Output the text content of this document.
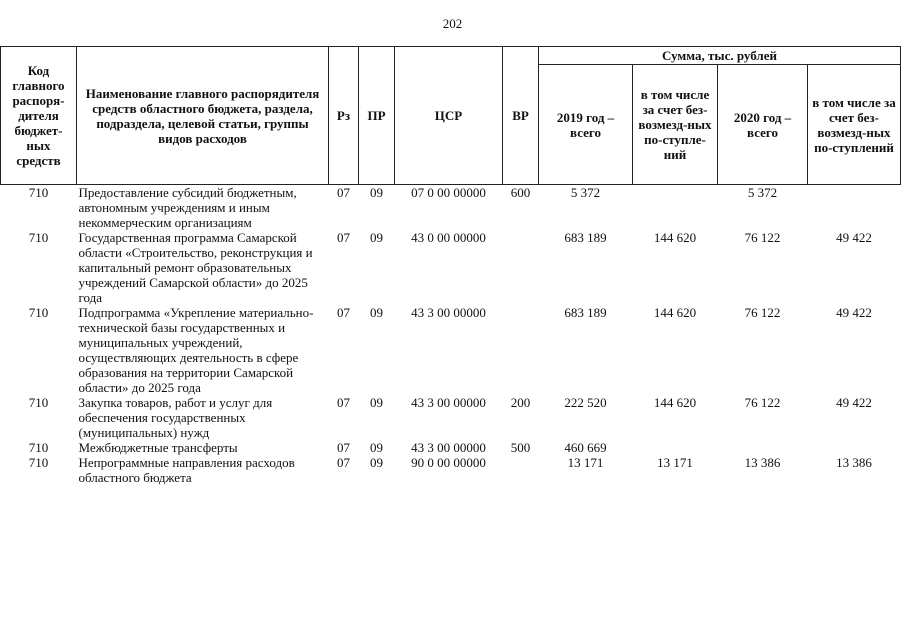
202
Код главного распоря-дителя бюджет-ных средств	Наименование главного распорядителя средств областного бюджета, раздела, подраздела, целевой статьи, группы видов расходов	Рз	ПР	ЦСР	ВР	Сумма, тыс. рублей			
						2019 год – всего	в том числе за счет без-возмезд-ных по-ступле-ний	2020 год – всего	в том числе за счет без-возмезд-ных по-ступлений
710	Предоставление субсидий бюджетным, автономным учреждениям и иным некоммерческим организациям	07	09	07 0 00 00000	600	5 372		5 372	
710	Государственная программа Самарской области «Строительство, реконструкция и капитальный ремонт образовательных учреждений Самарской области» до 2025 года	07	09	43 0 00 00000		683 189	144 620	76 122	49 422
710	Подпрограмма «Укрепление материально-технической базы государственных и муниципальных учреждений, осуществляющих деятельность в сфере образования на территории Самарской области» до 2025 года	07	09	43 3 00 00000		683 189	144 620	76 122	49 422
710	Закупка товаров, работ и услуг для обеспечения государственных (муниципальных) нужд	07	09	43 3 00 00000	200	222 520	144 620	76 122	49 422
710	Межбюджетные трансферты	07	09	43 3 00 00000	500	460 669			
710	Непрограммные направления расходов областного бюджета	07	09	90 0 00 00000		13 171	13 171	13 386	13 386
